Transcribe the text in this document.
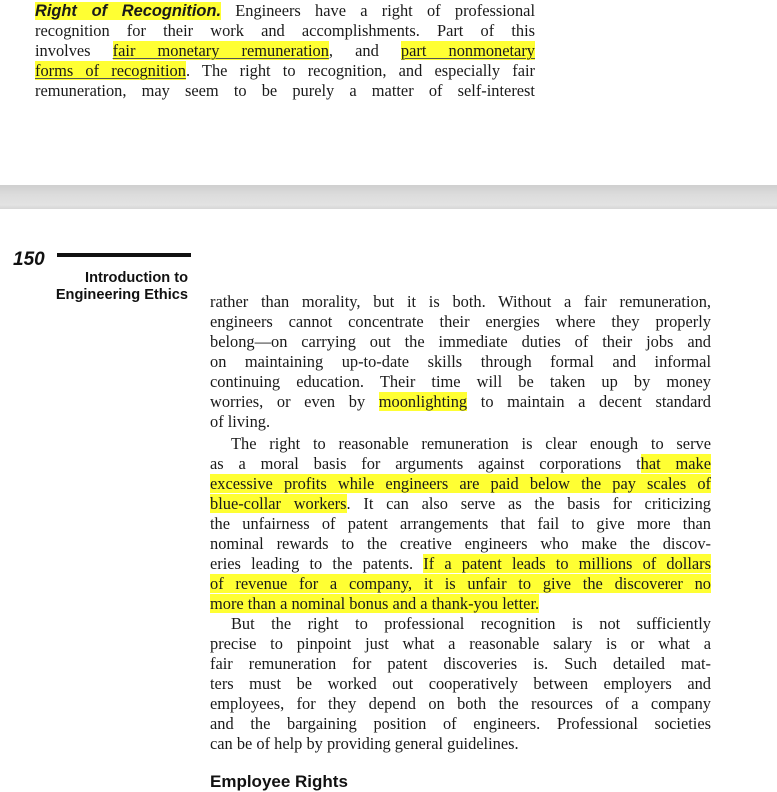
Right of Recognition. Engineers have a right of professional
recognition for their work and accomplishments. Part of this
involves fair monetary remuneration, and part nonmonetary
forms of recognition. The right to recognition, and especially fair
remuneration, may seem to be purely a matter of self-interest
150
Introduction to
Engineering Ethics rather than morality, but it is both. Without a fair remuneration,
engineers cannot concentrate their energies where they properly
belong—on carrying out the immediate duties of their jobs and
on maintaining up-to-date skills through formal and informal
continuing education. Their time will be taken up by money
worries, or even by moonlighting to maintain a decent standard
of living.
The right to reasonable remuneration is clear enough to serve
as a moral basis for arguments against corporations that make
excessive profits while engineers are paid below the pay scales of
blue-collar workers. It can also serve as the basis for criticizing
the unfairness of patent arrangements that fail to give more than
nominal rewards to the creative engineers who make the discov-
eries leading to the patents. If a patent leads to millions of dollars
of revenue for a company, it is unfair to give the discoverer no
more than a nominal bonus and a thank-you letter.
But the right to professional recognition is not sufficiently
precise to pinpoint just what a reasonable salary is or what a
fair remuneration for patent discoveries is. Such detailed mat-
ters must be worked out cooperatively between employers and
employees, for they depend on both the resources of a company
and the bargaining position of engineers. Professional societies
can be of help by providing general guidelines.
Employee Rights
